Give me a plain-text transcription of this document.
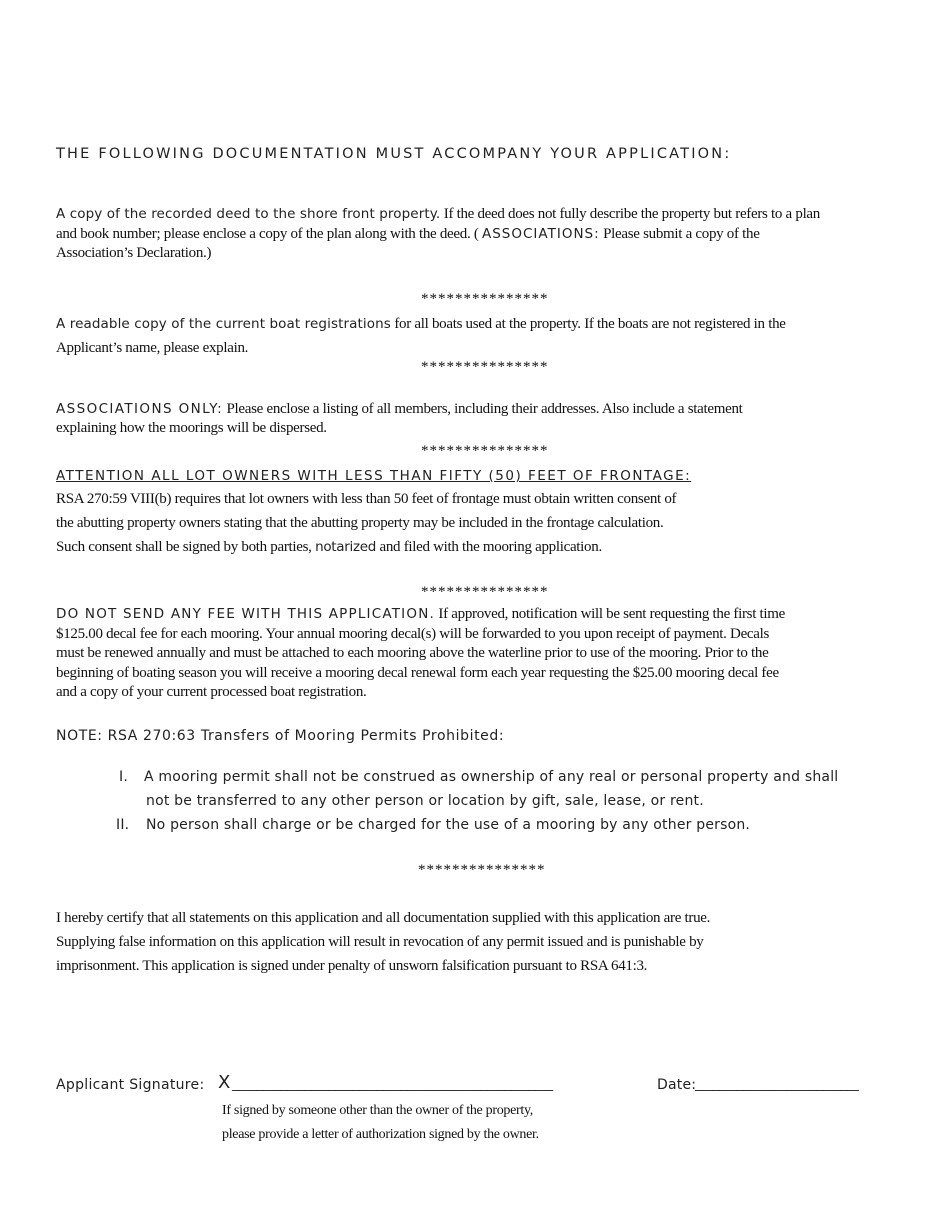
THE FOLLOWING DOCUMENTATION MUST ACCOMPANY YOUR APPLICATION:
A copy of the recorded deed to the shore front property. If the deed does not fully describe the property but refers to a plan
and book number; please enclose a copy of the plan along with the deed. ( ASSOCIATIONS: Please submit a copy of the
Association’s Declaration.)
***************
A readable copy of the current boat registrations for all boats used at the property. If the boats are not registered in the
Applicant’s name, please explain.
***************
ASSOCIATIONS ONLY: Please enclose a listing of all members, including their addresses. Also include a statement
explaining how the moorings will be dispersed.
***************
ATTENTION ALL LOT OWNERS WITH LESS THAN FIFTY (50) FEET OF FRONTAGE:
RSA 270:59 VIII(b) requires that lot owners with less than 50 feet of frontage must obtain written consent of
the abutting property owners stating that the abutting property may be included in the frontage calculation.
Such consent shall be signed by both parties, notarized and filed with the mooring application.
***************
DO NOT SEND ANY FEE WITH THIS APPLICATION. If approved, notification will be sent requesting the first time
$125.00 decal fee for each mooring. Your annual mooring decal(s) will be forwarded to you upon receipt of payment. Decals
must be renewed annually and must be attached to each mooring above the waterline prior to use of the mooring. Prior to the
beginning of boating season you will receive a mooring decal renewal form each year requesting the $25.00 mooring decal fee
and a copy of your current processed boat registration.
NOTE: RSA 270:63 Transfers of Mooring Permits Prohibited:
I. A mooring permit shall not be construed as ownership of any real or personal property and shall
not be transferred to any other person or location by gift, sale, lease, or rent.
II. No person shall charge or be charged for the use of a mooring by any other person.
***************
I hereby certify that all statements on this application and all documentation supplied with this application are true.
Supplying false information on this application will result in revocation of any permit issued and is punishable by
imprisonment. This application is signed under penalty of unsworn falsification pursuant to RSA 641:3.
Applicant Signature: X _____________________________________________________	Date:
___________________________
If signed by someone other than the owner of the property,
please provide a letter of authorization signed by the owner.
